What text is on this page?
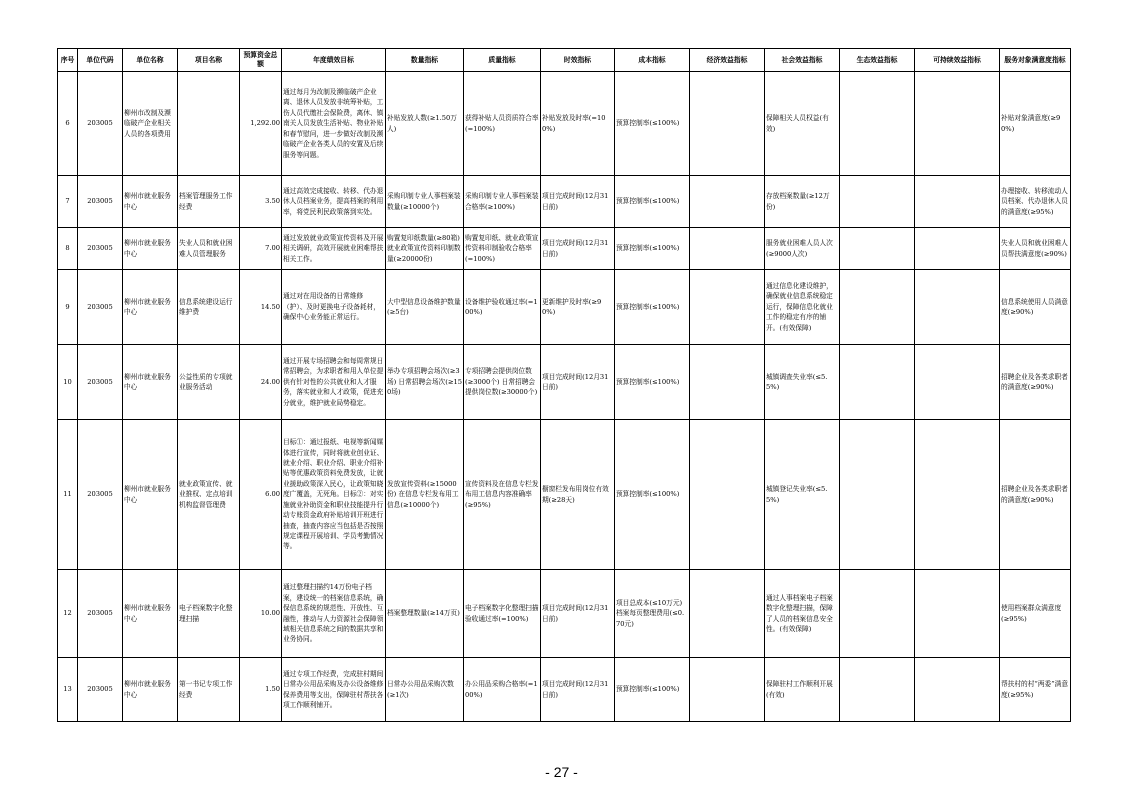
序号	单位代码	单位名称	项目名称	预算资金总额	年度绩效目标	数量指标	质量指标	时效指标	成本指标	经济效益指标	社会效益指标	生态效益指标	可持续效益指标	服务对象满意度指标
6	203005	柳州市改制及濒临破产企业相关人员的各项费用		1,292.00	通过每月为改制及濒临破产企业离、退休人员发放非统筹补贴，工伤人员代缴社会保险费，离休、镇南关人员发放生活补贴、物业补贴和春节慰问，进一步做好改制及濒临破产企业各类人员的安置及后续服务等问题。	补贴发放人数(≥1.50万人)	获得补贴人员资质符合率(=100%)	补贴发放及时率(=100%)	预算控制率(≤100%)		保障相关人员权益(有效)			补贴对象满意度(≥90%)
7	203005	柳州市就业服务中心	档案管理服务工作经费	3.50	通过高效完成接收、转移、代办退休人员档案业务，提高档案的利用率，将党民利民政策落到实处。	采购印制专业人事档案装数量(≥10000个)	采购印制专业人事档案装合格率(≥100%)	项目完成时间(12月31日前)	预算控制率(≤100%)		存放档案数量(≥12万份)			办理接收、转移流动人员档案、代办退休人员的满意度(≥95%)
8	203005	柳州市就业服务中心	失业人员和就业困难人员管理服务	7.00	通过发放就业政策宣传资料及开展相关调研，高效开展就业困难帮扶相关工作。	购置复印纸数量(≥80箱) 就业政策宣传资料印制数量(≥20000份)	购置复印纸、就业政策宣传资料印制验收合格率(=100%)	项目完成时间(12月31日前)	预算控制率(≤100%)		服务就业困难人员人次(≥9000人次)			失业人员和就业困难人员帮扶满意度(≥90%)
9	203005	柳州市就业服务中心	信息系统建设运行维护费	14.50	通过对在用设备的日常维修（护）、及时更换电子设备耗材，确保中心业务能正常运行。	大中型信息设备维护数量(≥5台)	设备维护验收通过率(=100%)	更新维护及时率(≥90%)	预算控制率(≤100%)		通过信息化建设维护，确保就业信息系统稳定运行，保障信息化就业工作的稳定有序的铺开。(有效保障)			信息系统使用人员满意度(≥90%)
10	203005	柳州市就业服务中心	公益性质的专项就业服务活动	24.00	通过开展专场招聘会和每周常规日常招聘会，为求职者和用人单位提供有针对性的公共就业和人才服务，落实就业和人才政策，促进充分就业，维护就业局势稳定。	举办专项招聘会场次(≥3场) 日常招聘会场次(≥150场)	专项招聘会提供岗位数(≥3000个) 日常招聘会提供岗位数(≥30000个)	项目完成时间(12月31日前)	预算控制率(≤100%)		城镇调查失业率(≤5.5%)			招聘企业及各类求职者的满意度(≥90%)
11	203005	柳州市就业服务中心	就业政策宣传、就业推权、定点培训机构监督管理费	6.00	目标①：通过报纸、电视等新闻媒体进行宣传，同时将就业创业证、就业介绍、职业介绍、职业介绍补贴等优惠政策资料免费发放，让就业援助政策深入民心，让政策知晓度广覆盖，无死角。目标②：对实施就业补助资金和职业技能提升行动专账资金政府补贴培训开班进行抽查，抽查内容应当包括是否按照规定课程开展培训、学员考勤情况等。	发放宣传资料(≥15000份) 在信息专栏发布用工信息(≥10000个)	宣传资料及在信息专栏发布用工信息内容准确率(≥95%)	橱窗栏发布用岗位有效期(≥28天)	预算控制率(≤100%)		城镇登记失业率(≤5.5%)			招聘企业及各类求职者的满意度(≥90%)
12	203005	柳州市就业服务中心	电子档案数字化整理扫描	10.00	通过整理扫描约14万份电子档案，建设统一的档案信息系统，确保信息系统的规范性、开放性、互融性，推动与人力资源社会保障领域相关信息系统之间的数据共享和业务协同。	档案整理数量(≥14万页)	电子档案数字化整理扫描验收通过率(=100%)	项目完成时间(12月31日前)	项目总成本(≤10万元) 档案每页整理费用(≤0.70元)		通过人事档案电子档案数字化整理扫描，保障了人员的档案信息安全性。(有效保障)			使用档案群众满意度(≥95%)
13	203005	柳州市就业服务中心	第一书记专项工作经费	1.50	通过专项工作经费，完成驻村期间日常办公用品采购及办公设备维修保养费用等支出，保障驻村帮扶各项工作顺利铺开。	日常办公用品采购次数(≥1次)	办公用品采购合格率(=100%)	项目完成时间(12月31日前)	预算控制率(≤100%)		保障驻村工作顺利开展(有效)			帮扶村的村“两委”满意度(≥95%)
- 27 -
